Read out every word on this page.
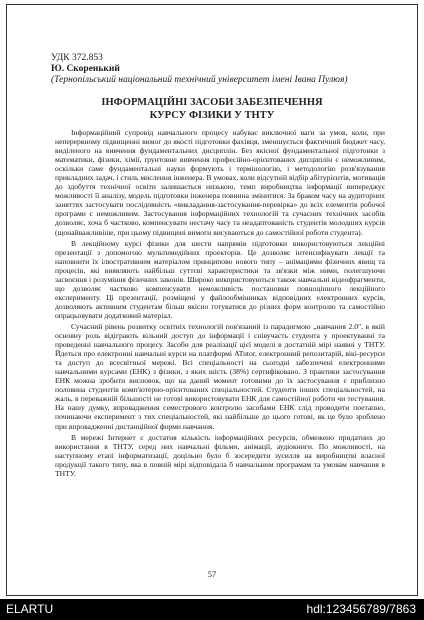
УДК 372.853
Ю. Скоренький
(Тернопільський національний технічний університет імені Івана Пулюя)
ІНФОРМАЦІЙНІ ЗАСОБИ ЗАБЕЗПЕЧЕННЯ
КУРСУ ФІЗИКИ У ТНТУ

Інформаційний супровід навчального процесу набуває виключної ваги за умов, коли, при неперервному підвищенні вимог до якості підготовки фахівця, зменшується фактичний бюджет часу, виділеного на вивчення фундаментальних дисциплін. Без якісної фундаментальної підготовки з математики, фізики, хімії, ґрунтовне вивчення професійно-орієнтованих дисциплін є неможливим, оскільки саме фундаментальні науки формують і термінологію, і методологію розв'язування прикладних задач, і стиль мислення інженера. В умовах, коли відсутній відбір абітурієнтів, мотивація до здобуття технічної освіти залишається низькою, темп виробництва інформації випереджує можливості її аналізу, модель підготовки інженера повинна змінитися. За браком часу на аудиторних заняттях застосувати послідовність «викладання-застосування-перевірка» до всіх елементів робочої програми є неможливим. Застосування інформаційних технологій та сучасних технічних засобів дозволяє, хоча б частково, компенсувати нестачу часу та неадаптованість студентів молодших курсів (щонайважливіше, при цьому підвищені вимоги висуваються до самостійної роботи студента).

В лекційному курсі фізики для шести напрямів підготовки використовуються лекційні презентації з допомогою мультимедійних проекторів. Це дозволяє інтенсифікувати лекції та наповнити їх ілюстративним матеріалом принципово нового типу – анімаціями фізичних явищ та процесів, які виявляють найбільш суттєві характеристики та зв'язки між ними, полегшуючи засвоєння і розуміння фізичних законів. Широко використовуються також навчальні відеофрагменти, що дозволяє частково компенсувати неможливість постановки повноцінного лекційного експерименту. Ці презентації, розміщені у файлообмінниках відповідних електронних курсів, дозволяють активним студентам більш якісно готуватися до різних форм контролю та самостійно опрацьовувати додатковий матеріал.

Сучасний рівень розвитку освітніх технологій пов'язаний із парадигмою „навчання 2.0", в якій основну роль відіграють вільний доступ до інформації і співучасть студента у проектуванні та проведенні навчального процесу. Засоби для реалізації цієї моделі в достатній мірі наявні у ТНТУ. Йдеться про електронні навчальні курси на платформі ATutor, електронний репозитарій, вікі-ресурси та доступ до всесвітньої мережі. Всі спеціальності на сьогодні забезпечені електронними навчальними курсами (ЕНК) з фізики, з яких шість (38%) сертифіковано. З практики застосування ЕНК можна зробити висновок, що на даний момент готовими до їх застосування є приблизно половина студентів комп'ютерно-орієнтованих спеціальностей. Студенти інших спеціальностей, на жаль, в переважній більшості не готові використовувати ЕНК для самостійної роботи чи тестування. На нашу думку, впровадження семестрового контролю засобами ЕНК слід проводити поетапно, починаючи експеримент з тих спеціальностей, які найбільше до цього готові, як це було зроблено при впровадженні дистанційної форми навчання.

В мережі Інтернет є достатня кількість інформаційних ресурсів, обмежено придатних до використання в ТНТУ, серед них навчальні фільми, анімації, аудіокниги. По можливості, на наступному етапі інформатизації, доцільно було б зосередити зусилля на виробництві власної продукції такого типу, яка в повній мірі відповідала б навчальним програмам та умовам навчання в ТНТУ.

57
ELARTU	hdl:123456789/7863
